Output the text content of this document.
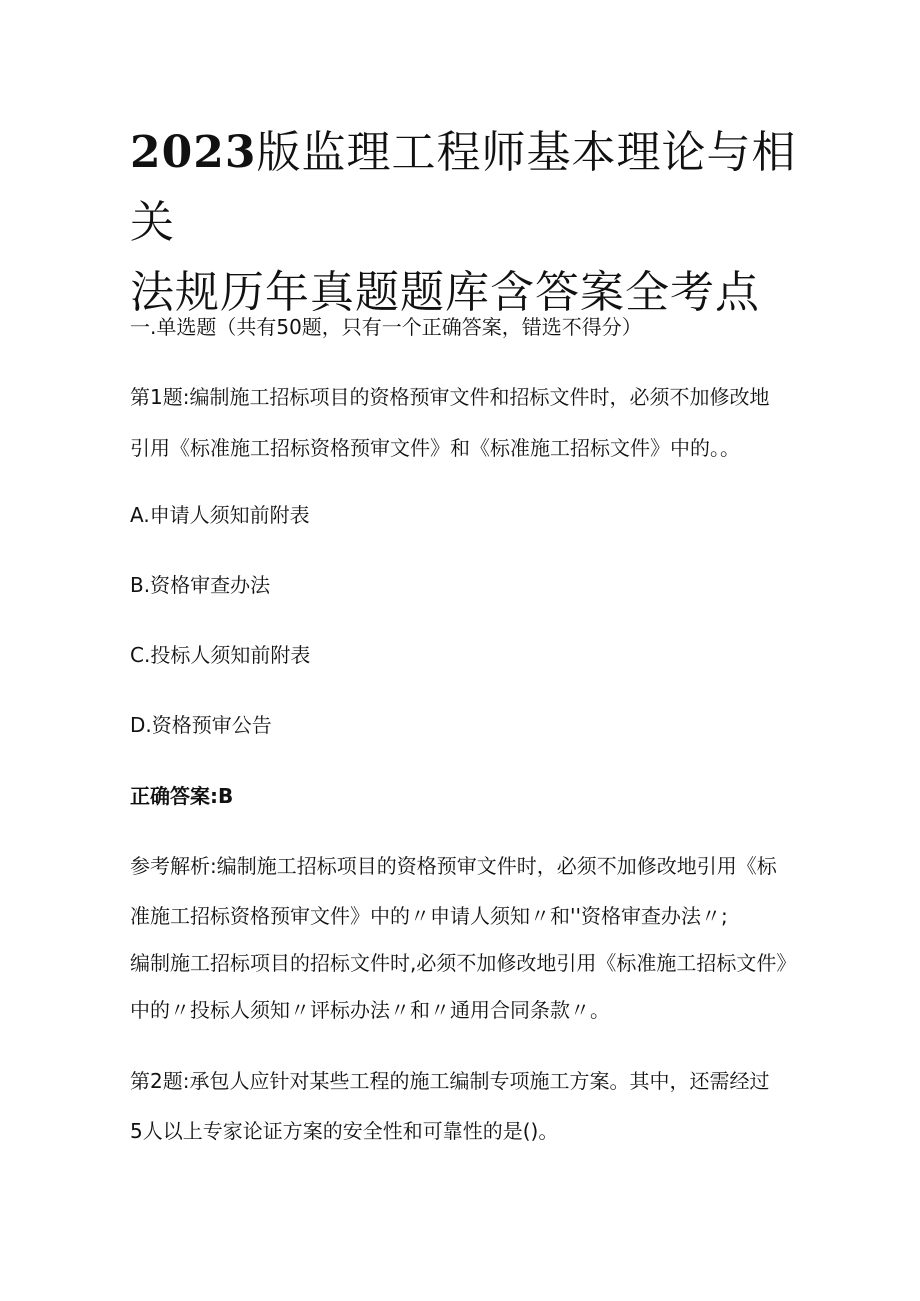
2023版监理工程师基本理论与相关
法规历年真题题库含答案全考点

一.单选题（共有50题，只有一个正确答案，错选不得分）

第1题:编制施工招标项目的资格预审文件和招标文件时，必须不加修改地

引用《标准施工招标资格预审文件》和《标准施工招标文件》中的。。

A.申请人须知前附表

B.资格审查办法

C.投标人须知前附表

D.资格预审公告

正确答案:B

参考解析:编制施工招标项目的资格预审文件时，必须不加修改地引用《标

准施工招标资格预审文件》中的〃申请人须知〃和''资格审查办法〃;

编制施工招标项目的招标文件时,必须不加修改地引用《标准施工招标文件》

中的〃投标人须知〃评标办法〃和〃通用合同条款〃。

第2题:承包人应针对某些工程的施工编制专项施工方案。其中，还需经过

5人以上专家论证方案的安全性和可靠性的是()。
